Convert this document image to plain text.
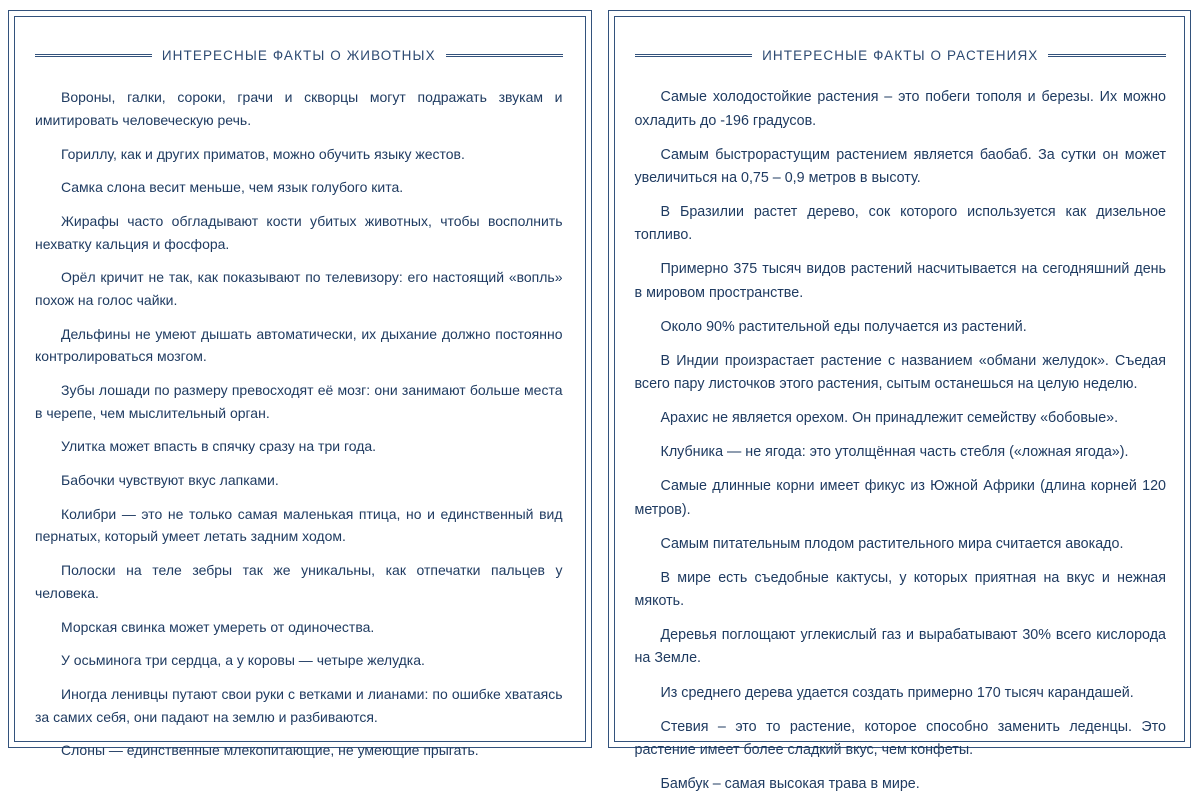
ИНТЕРЕСНЫЕ ФАКТЫ О ЖИВОТНЫХ
Вороны, галки, сороки, грачи и скворцы могут подражать звукам и имитировать человеческую речь.
Гориллу, как и других приматов, можно обучить языку жестов.
Самка слона весит меньше, чем язык голубого кита.
Жирафы часто обгладывают кости убитых животных, чтобы восполнить нехватку кальция и фосфора.
Орёл кричит не так, как показывают по телевизору: его настоящий «вопль» похож на голос чайки.
Дельфины не умеют дышать автоматически, их дыхание должно постоянно контролироваться мозгом.
Зубы лошади по размеру превосходят её мозг: они занимают больше места в черепе, чем мыслительный орган.
Улитка может впасть в спячку сразу на три года.
Бабочки чувствуют вкус лапками.
Колибри — это не только самая маленькая птица, но и единственный вид пернатых, который умеет летать задним ходом.
Полоски на теле зебры так же уникальны, как отпечатки пальцев у человека.
Морская свинка может умереть от одиночества.
У осьминога три сердца, а у коровы — четыре желудка.
Иногда ленивцы путают свои руки с ветками и лианами: по ошибке хватаясь за самих себя, они падают на землю и разбиваются.
Слоны — единственные млекопитающие, не умеющие прыгать.
ИНТЕРЕСНЫЕ ФАКТЫ О РАСТЕНИЯХ
Самые холодостойкие растения – это побеги тополя и березы. Их можно охладить до -196 градусов.
Самым быстрорастущим растением является баобаб. За сутки он может увеличиться на 0,75 – 0,9 метров в высоту.
В Бразилии растет дерево, сок которого используется как дизельное топливо.
Примерно 375 тысяч видов растений насчитывается на сегодняшний день в мировом пространстве.
Около 90% растительной еды получается из растений.
В Индии произрастает растение с названием «обмани желудок». Съедая всего пару листочков этого растения, сытым останешься на целую неделю.
Арахис не является орехом. Он принадлежит семейству «бобовые».
Клубника — не ягода: это утолщённая часть стебля («ложная ягода»).
Самые длинные корни имеет фикус из Южной Африки (длина корней 120 метров).
Самым питательным плодом растительного мира считается авокадо.
В мире есть съедобные кактусы, у которых приятная на вкус и нежная мякоть.
Деревья поглощают углекислый газ и вырабатывают 30% всего кислорода на Земле.
Из среднего дерева удается создать примерно 170 тысяч карандашей.
Стевия – это то растение, которое способно заменить леденцы. Это растение имеет более сладкий вкус, чем конфеты.
Бамбук – самая высокая трава в мире.
